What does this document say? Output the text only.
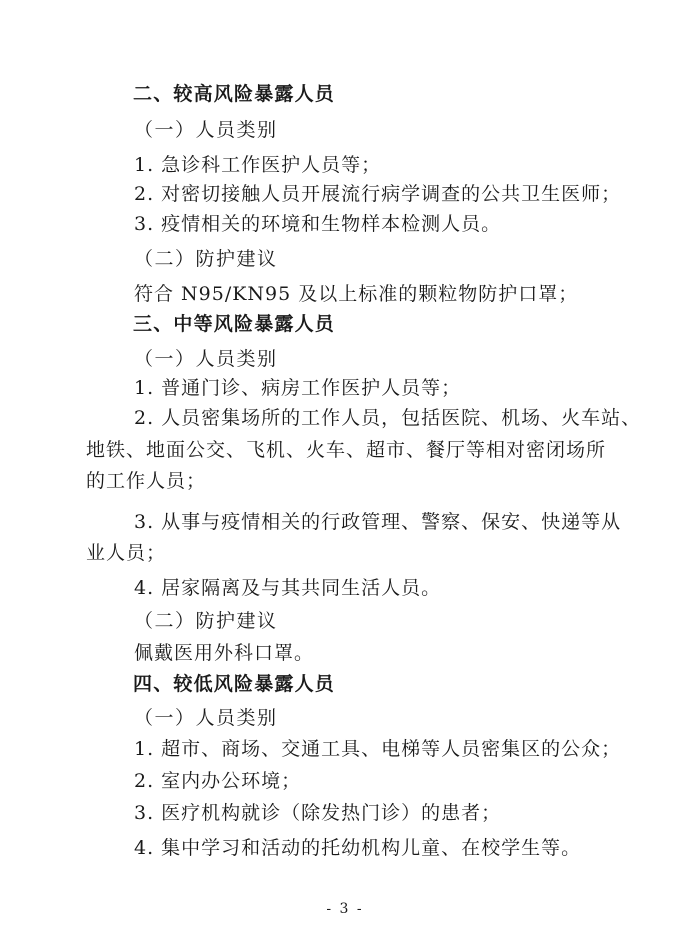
二、较高风险暴露人员
（一）人员类别
1. 急诊科工作医护人员等；
2. 对密切接触人员开展流行病学调查的公共卫生医师；
3. 疫情相关的环境和生物样本检测人员。
（二）防护建议
符合 N95/KN95 及以上标准的颗粒物防护口罩；
三、中等风险暴露人员
（一）人员类别
1. 普通门诊、病房工作医护人员等；
2. 人员密集场所的工作人员，包括医院、机场、火车站、
地铁、地面公交、飞机、火车、超市、餐厅等相对密闭场所
的工作人员；
3. 从事与疫情相关的行政管理、警察、保安、快递等从
业人员；
4. 居家隔离及与其共同生活人员。
（二）防护建议
佩戴医用外科口罩。
四、较低风险暴露人员
（一）人员类别
1. 超市、商场、交通工具、电梯等人员密集区的公众；
2. 室内办公环境；
3. 医疗机构就诊（除发热门诊）的患者；
4. 集中学习和活动的托幼机构儿童、在校学生等。
- 3 -
